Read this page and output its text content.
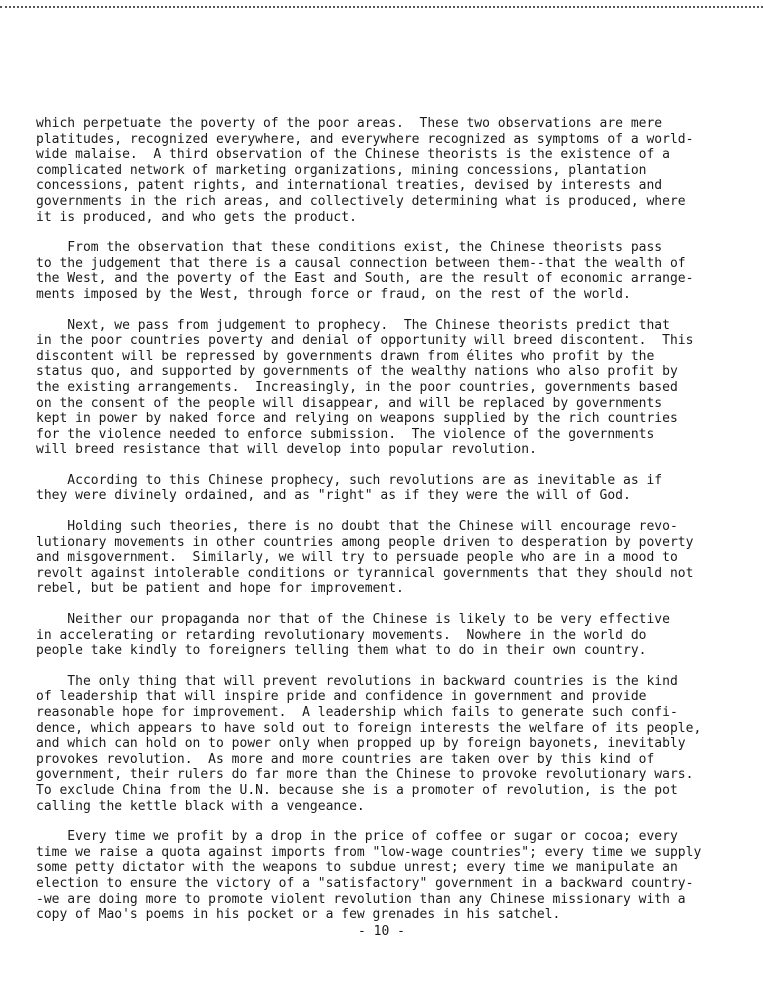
which perpetuate the poverty of the poor areas.  These two observations are mere
platitudes, recognized everywhere, and everywhere recognized as symptoms of a world-
wide malaise.  A third observation of the Chinese theorists is the existence of a
complicated network of marketing organizations, mining concessions, plantation
concessions, patent rights, and international treaties, devised by interests and
governments in the rich areas, and collectively determining what is produced, where
it is produced, and who gets the product.

From the observation that these conditions exist, the Chinese theorists pass
to the judgement that there is a causal connection between them--that the wealth of
the West, and the poverty of the East and South, are the result of economic arrange-
ments imposed by the West, through force or fraud, on the rest of the world.

Next, we pass from judgement to prophecy.  The Chinese theorists predict that
in the poor countries poverty and denial of opportunity will breed discontent.  This
discontent will be repressed by governments drawn from élites who profit by the
status quo, and supported by governments of the wealthy nations who also profit by
the existing arrangements.  Increasingly, in the poor countries, governments based
on the consent of the people will disappear, and will be replaced by governments
kept in power by naked force and relying on weapons supplied by the rich countries
for the violence needed to enforce submission.  The violence of the governments
will breed resistance that will develop into popular revolution.

According to this Chinese prophecy, such revolutions are as inevitable as if
they were divinely ordained, and as "right" as if they were the will of God.

Holding such theories, there is no doubt that the Chinese will encourage revo-
lutionary movements in other countries among people driven to desperation by poverty
and misgovernment.  Similarly, we will try to persuade people who are in a mood to
revolt against intolerable conditions or tyrannical governments that they should not
rebel, but be patient and hope for improvement.

Neither our propaganda nor that of the Chinese is likely to be very effective
in accelerating or retarding revolutionary movements.  Nowhere in the world do
people take kindly to foreigners telling them what to do in their own country.

The only thing that will prevent revolutions in backward countries is the kind
of leadership that will inspire pride and confidence in government and provide
reasonable hope for improvement.  A leadership which fails to generate such confi-
dence, which appears to have sold out to foreign interests the welfare of its people,
and which can hold on to power only when propped up by foreign bayonets, inevitably
provokes revolution.  As more and more countries are taken over by this kind of
government, their rulers do far more than the Chinese to provoke revolutionary wars.
To exclude China from the U.N. because she is a promoter of revolution, is the pot
calling the kettle black with a vengeance.

Every time we profit by a drop in the price of coffee or sugar or cocoa; every
time we raise a quota against imports from "low-wage countries"; every time we supply
some petty dictator with the weapons to subdue unrest; every time we manipulate an
election to ensure the victory of a "satisfactory" government in a backward country-
-we are doing more to promote violent revolution than any Chinese missionary with a
copy of Mao's poems in his pocket or a few grenades in his satchel.

- 10 -
